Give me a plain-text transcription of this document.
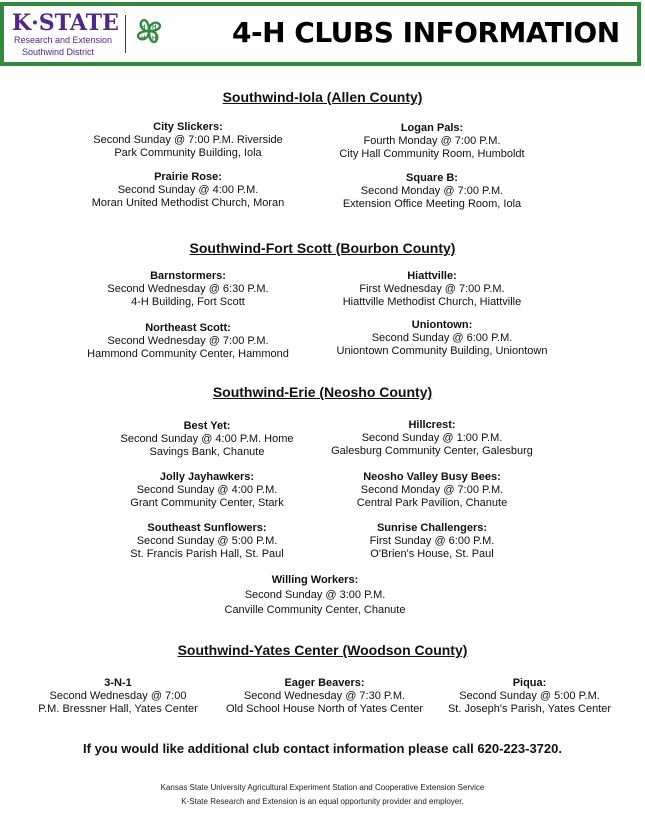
K·STATE
Research and Extension
Southwind District
H H
H H	4-H CLUBS INFORMATION
Southwind-Iola (Allen County)
City Slickers:
Second Sunday @ 7:00 P.M. Riverside
Park Community Building, Iola
Logan Pals:
Fourth Monday @ 7:00 P.M.
City Hall Community Room, Humboldt
Prairie Rose:
Second Sunday @ 4:00 P.M.
Moran United Methodist Church, Moran
Square B:
Second Monday @ 7:00 P.M.
Extension Office Meeting Room, Iola
Southwind-Fort Scott (Bourbon County)
Barnstormers:
Second Wednesday @ 6:30 P.M.
4-H Building, Fort Scott
Hiattville:
First Wednesday @ 7:00 P.M.
Hiattville Methodist Church, Hiattville
Northeast Scott:
Second Wednesday @ 7:00 P.M.
Hammond Community Center, Hammond
Uniontown:
Second Sunday @ 6:00 P.M.
Uniontown Community Building, Uniontown
Southwind-Erie (Neosho County)
Best Yet:
Second Sunday @ 4:00 P.M. Home
Savings Bank, Chanute
Hillcrest:
Second Sunday @ 1:00 P.M.
Galesburg Community Center, Galesburg
Jolly Jayhawkers:
Second Sunday @ 4:00 P.M.
Grant Community Center, Stark
Neosho Valley Busy Bees:
Second Monday @ 7:00 P.M.
Central Park Pavilion, Chanute
Southeast Sunflowers:
Second Sunday @ 5:00 P.M.
St. Francis Parish Hall, St. Paul
Sunrise Challengers:
First Sunday @ 6:00 P.M.
O'Brien's House, St. Paul
Willing Workers:
Second Sunday @ 3:00 P.M.
Canville Community Center, Chanute
Southwind-Yates Center (Woodson County)
3-N-1
Second Wednesday @ 7:00
P.M. Bressner Hall, Yates Center
Eager Beavers:
Second Wednesday @ 7:30 P.M.
Old School House North of Yates Center
Piqua:
Second Sunday @ 5:00 P.M.
St. Joseph's Parish, Yates Center
If you would like additional club contact information please call 620-223-3720.
Kansas State University Agricultural Experiment Station and Cooperative Extension Service
K-State Research and Extension is an equal opportunity provider and employer.
